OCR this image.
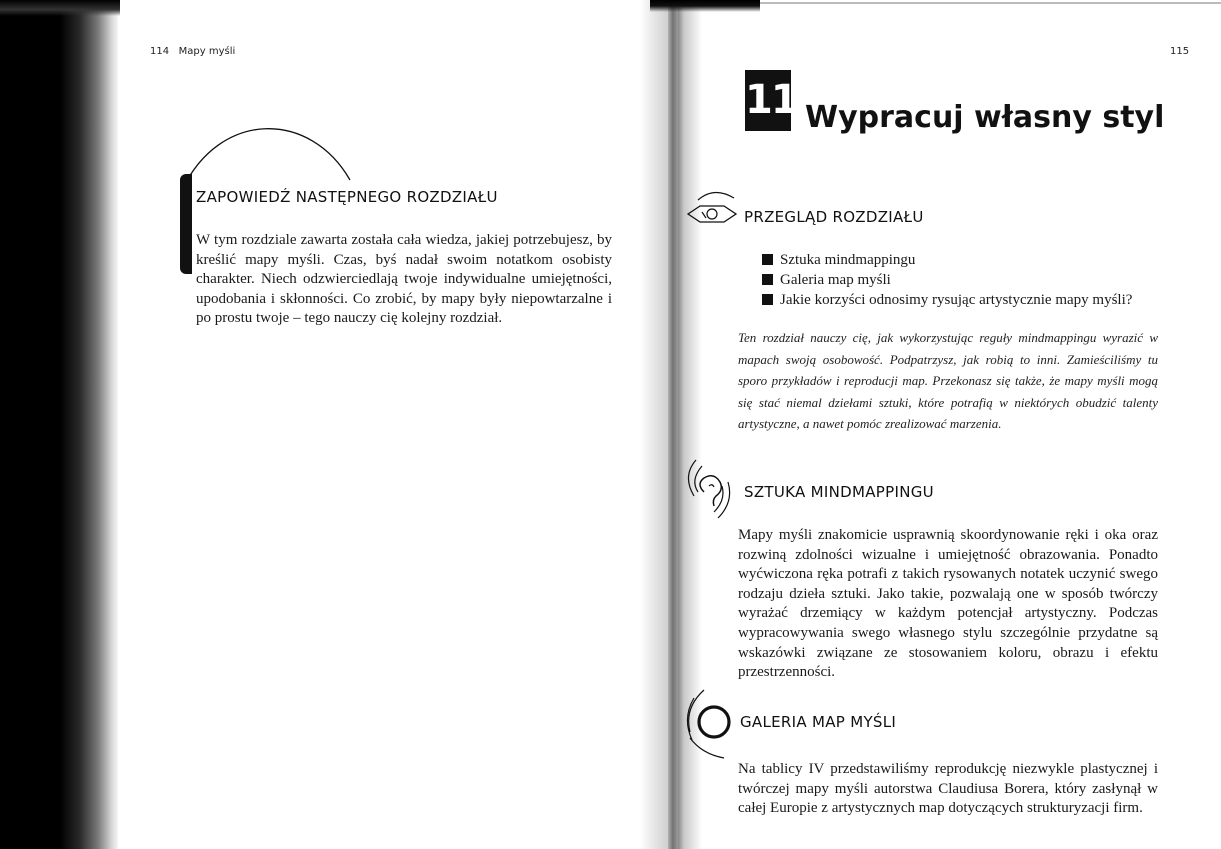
114 Mapy myśli
ZAPOWIEDŹ NASTĘPNEGO ROZDZIAŁU
W tym rozdziale zawarta została cała wiedza, jakiej potrzebujesz, by kreślić mapy myśli. Czas, byś nadał swoim notatkom osobisty charakter. Niech odzwierciedlają twoje indywidualne umiejętności, upodobania i skłonności. Co zrobić, by mapy były niepowtarzalne i po prostu twoje – tego nauczy cię kolejny rozdział.
115
11 Wypracuj własny styl
PRZEGLĄD ROZDZIAŁU
Sztuka mindmappingu
Galeria map myśli
Jakie korzyści odnosimy rysując artystycznie mapy myśli?
Ten rozdział nauczy cię, jak wykorzystując reguły mindmappingu wyrazić w mapach swoją osobowość. Podpatrzysz, jak robią to inni. Zamieściliśmy tu sporo przykładów i reproducji map. Przekonasz się także, że mapy myśli mogą się stać niemal dziełami sztuki, które potrafią w niektórych obudzić talenty artystyczne, a nawet pomóc zrealizować marzenia.
SZTUKA MINDMAPPINGU
Mapy myśli znakomicie usprawnią skoordynowanie ręki i oka oraz rozwiną zdolności wizualne i umiejętność obrazowania. Ponadto wyćwiczona ręka potrafi z takich rysowanych notatek uczynić swego rodzaju dzieła sztuki. Jako takie, pozwalają one w sposób twórczy wyrażać drzemiący w każdym potencjał artystyczny. Podczas wypracowywania swego własnego stylu szczególnie przydatne są wskazówki związane ze stosowaniem koloru, obrazu i efektu przestrzenności.
GALERIA MAP MYŚLI
Na tablicy IV przedstawiliśmy reprodukcję niezwykle plastycznej i twórczej mapy myśli autorstwa Claudiusa Borera, który zasłynął w całej Europie z artystycznych map dotyczących strukturyzacji firm.
